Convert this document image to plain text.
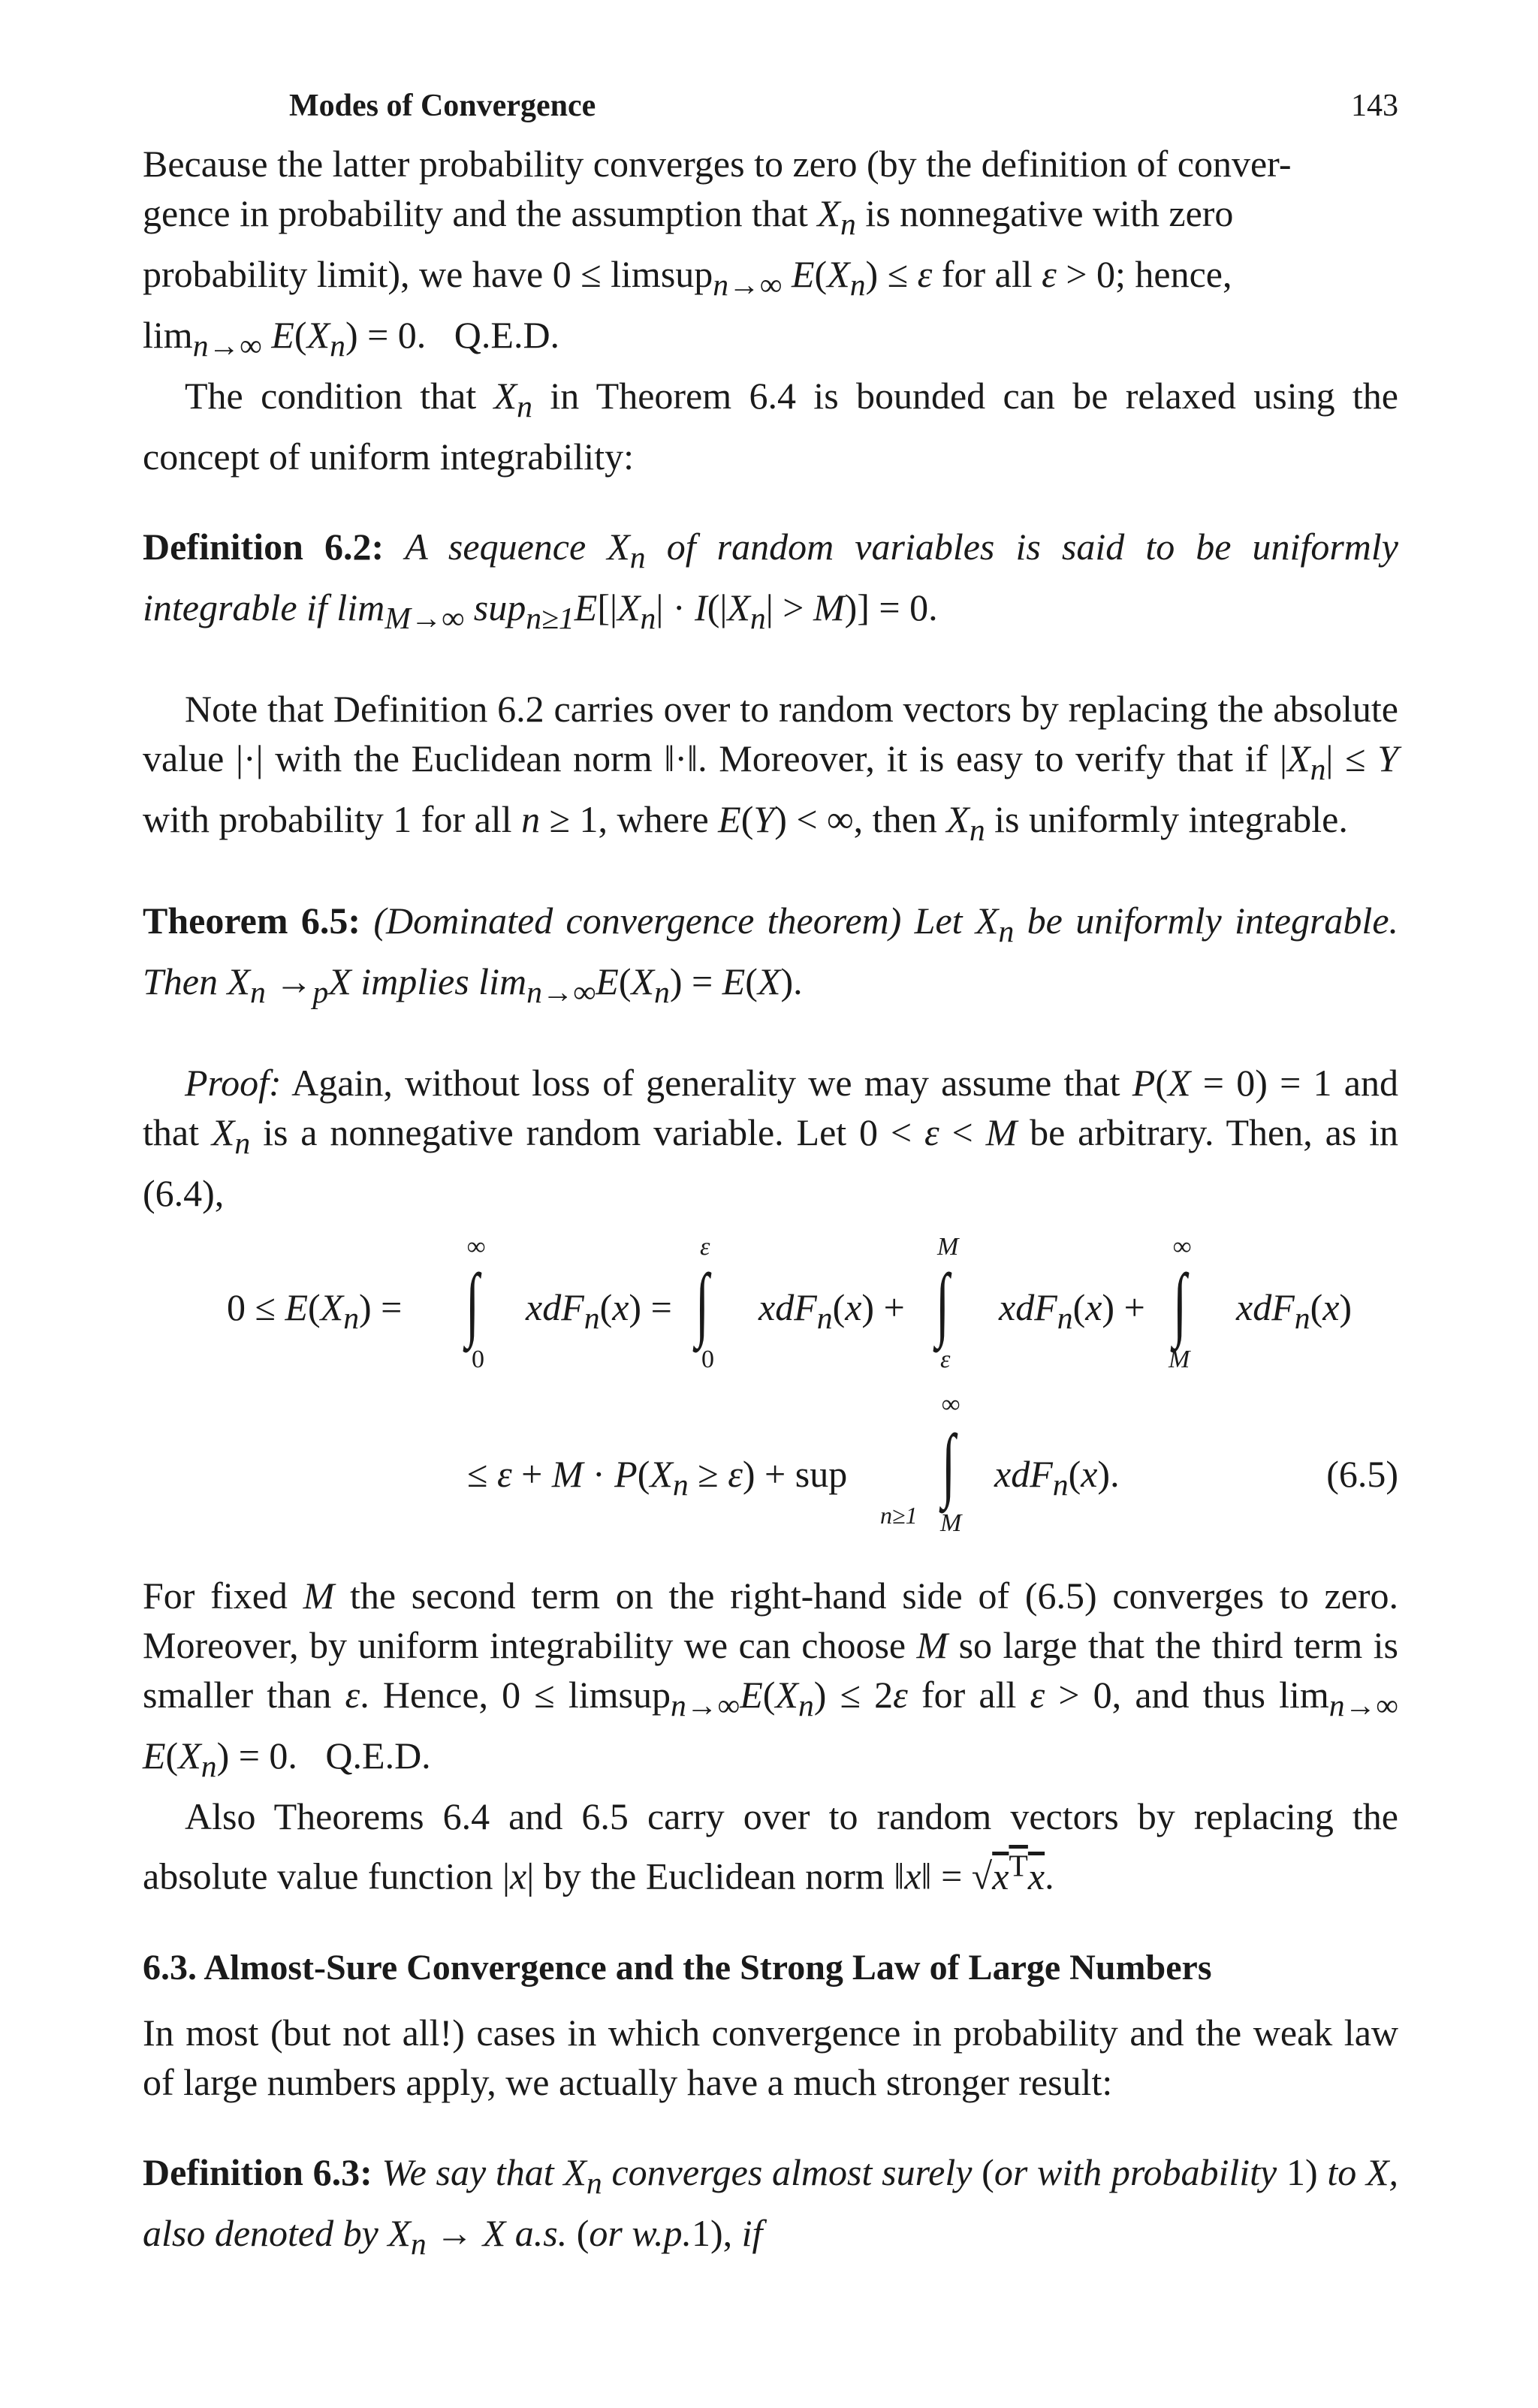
Modes of Convergence	143

Because the latter probability converges to zero (by the definition of conver-

gence in probability and the assumption that $X_n$ is nonnegative with zero

probability limit), we have 0 ≤ limsup$_{n\to\infty}$ $E(X_n) \le \varepsilon$ for all ε > 0; hence,

$\lim_{n\to\infty} E(X_n) = 0$.   Q.E.D.

The condition that $X_n$ in Theorem 6.4 is bounded can be relaxed using the concept of uniform integrability:

Definition 6.2: A sequence $X_n$ of random variables is said to be uniformly integrable if $\lim_{M\to\infty} sup_{n\ge 1}E[|X_n| \cdot I(|X_n| > M)] = 0$.

Note that Definition 6.2 carries over to random vectors by replacing the absolute value |·| with the Euclidean norm ‖·‖. Moreover, it is easy to verify that if $|X_n| \le Y$ with probability 1 for all n ≥ 1, where E(Y) < ∞, then $X_n$ is uniformly integrable.

Theorem 6.5: (Dominated convergence theorem) Let $X_n$ be uniformly integrable. Then $X_n \to_pX$ implies $\lim_{n\to\infty}E(X_n) = E(X)$.

Proof: Again, without loss of generality we may assume that P(X = 0) = 1 and that $X_n$ is a nonnegative random variable. Let 0 < ε < M be arbitrary. Then, as in (6.4),

$0 \le E(X_n)$ =
∞
∫
0
xdF$_n$(x) =
ε
∫
0
xdF$_n$(x) +
M
∫
ε
xdF$_n$(x) +
∞
∫
M
xdF$_n$(x)
∞
≤ $\varepsilon + M \cdot P(X_n \ge \varepsilon)$ + sup
n≥1
∫
M
xdF$_n$(x).	(6.5)

For fixed M the second term on the right-hand side of (6.5) converges to zero. Moreover, by uniform integrability we can choose M so large that the third term is smaller than ε. Hence, $0 \le limsup_{n\to\infty}E(X_n) \le 2\varepsilon$ for all ε > 0, and thus $\lim_{n\to\infty} E(X_n) = 0$.   Q.E.D.

Also Theorems 6.4 and 6.5 carry over to random vectors by replacing the absolute value function |x| by the Euclidean norm ‖x‖ = $√x^Tx$.

6.3. Almost-Sure Convergence and the Strong Law of Large Numbers

In most (but not all!) cases in which convergence in probability and the weak law of large numbers apply, we actually have a much stronger result:

Definition 6.3: We say that $X_n$ converges almost surely (or with probability 1) to X, also denoted by $X_n \to X$ a.s. (or w.p.1), if
